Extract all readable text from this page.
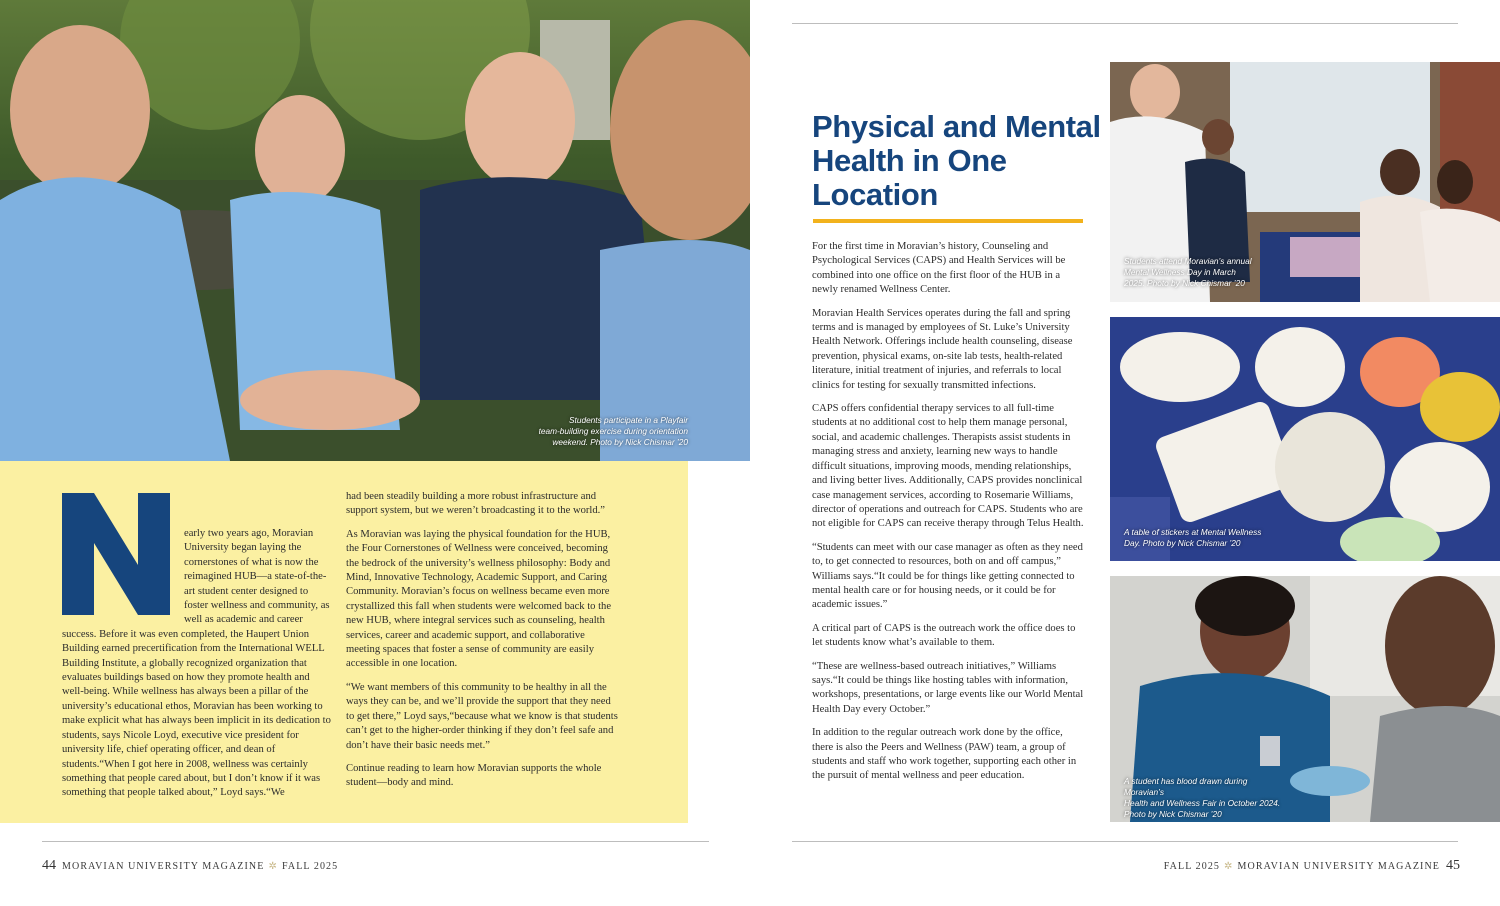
Students participate in a Playfair

team-building exercise during orientation

weekend. Photo by Nick Chismar ’20

N

early two years ago, Moravian University began laying the cornerstones of what is now the reimagined HUB—a state-of-the-art student center designed to foster wellness and community, as well as academic and career success. Before it was even completed, the Haupert Union Building earned precertification from the International WELL Building Institute, a globally recognized organization that evaluates buildings based on how they promote health and well-being. While wellness has always been a pillar of the university’s educational ethos, Moravian has been working to make explicit what has always been implicit in its dedication to students, says Nicole Loyd, executive vice president for university life, chief operating officer, and dean of students.“When I got here in 2008, wellness was certainly something that people cared about, but I don’t know if it was something that people talked about,” Loyd says.“We

had been steadily building a more robust infrastructure and support system, but we weren’t broadcasting it to the world.”

As Moravian was laying the physical foundation for the HUB, the Four Cornerstones of Wellness were conceived, becoming the bedrock of the university’s wellness philosophy: Body and Mind, Innovative Technology, Academic Support, and Caring Community. Moravian’s focus on wellness became even more crystallized this fall when students were welcomed back to the new HUB, where integral services such as counseling, health services, career and academic support, and collaborative meeting spaces that foster a sense of community are easily accessible in one location.

“We want members of this community to be healthy in all the ways they can be, and we’ll provide the support that they need to get there,” Loyd says,“because what we know is that students can’t get to the higher-order thinking if they don’t feel safe and don’t have their basic needs met.”

Continue reading to learn how Moravian supports the whole student—body and mind.

44 MORAVIAN UNIVERSITY MAGAZINE ✲ FALL 2025
Physical and Mental Health in One Location

For the first time in Moravian’s history, Counseling and Psychological Services (CAPS) and Health Services will be combined into one office on the first floor of the HUB in a newly renamed Wellness Center.

Moravian Health Services operates during the fall and spring terms and is managed by employees of St. Luke’s University Health Network. Offerings include health counseling, disease prevention, physical exams, on-site lab tests, health-related literature, initial treatment of injuries, and referrals to local clinics for testing for sexually transmitted infections.

CAPS offers confidential therapy services to all full-time students at no additional cost to help them manage personal, social, and academic challenges. Therapists assist students in managing stress and anxiety, learning new ways to handle difficult situations, improving moods, mending relationships, and living better lives. Additionally, CAPS provides nonclinical case management services, according to Rosemarie Williams, director of operations and outreach for CAPS. Students who are not eligible for CAPS can receive therapy through Telus Health.

“Students can meet with our case manager as often as they need to, to get connected to resources, both on and off campus,” Williams says.“It could be for things like getting connected to mental health care or for housing needs, or it could be for academic issues.”

A critical part of CAPS is the outreach work the office does to let students know what’s available to them.

“These are wellness-based outreach initiatives,” Williams says.“It could be things like hosting tables with information, workshops, presentations, or large events like our World Mental Health Day every October.”

In addition to the regular outreach work done by the office, there is also the Peers and Wellness (PAW) team, a group of students and staff who work together, supporting each other in the pursuit of mental wellness and peer education.

Students attend Moravian’s annual

Mental Wellness Day in March

2025. Photo by Nick Chismar ’20

A table of stickers at Mental Wellness

Day. Photo by Nick Chismar ’20

A student has blood drawn during Moravian’s

Health and Wellness Fair in October 2024.

Photo by Nick Chismar ’20

FALL 2025 ✲ MORAVIAN UNIVERSITY MAGAZINE 45
